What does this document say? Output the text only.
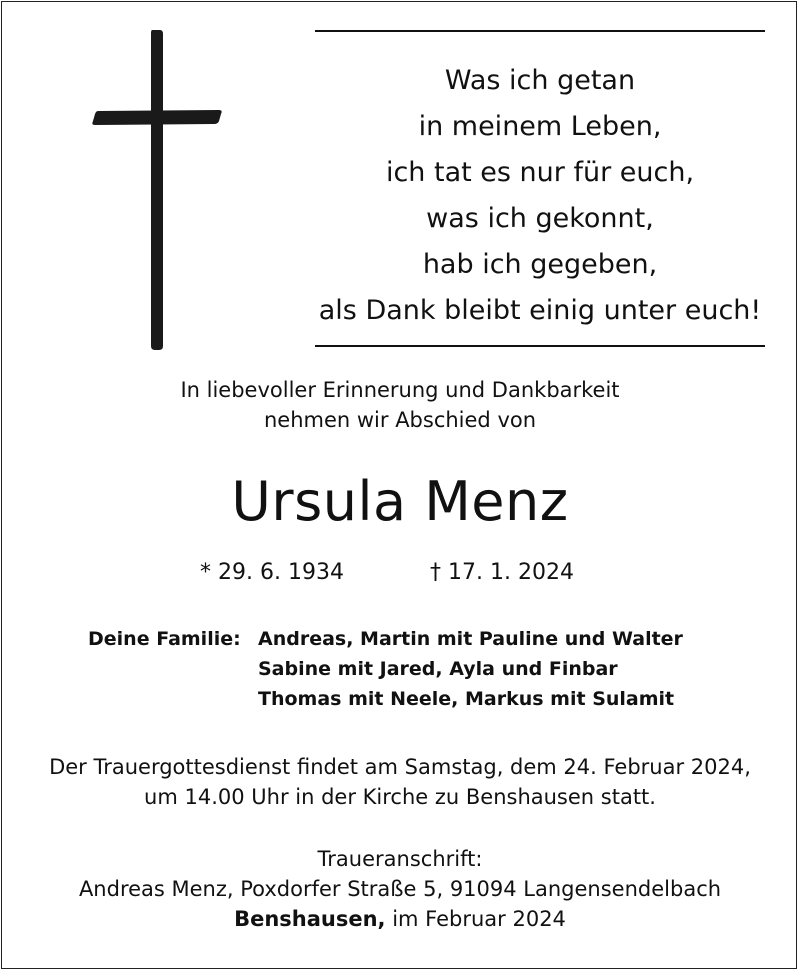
Was ich getan
in meinem Leben,
ich tat es nur für euch,
was ich gekonnt,
hab ich gegeben,
als Dank bleibt einig unter euch!
In liebevoller Erinnerung und Dankbarkeit
nehmen wir Abschied von
Ursula Menz
* 29. 6. 1934	† 17. 1. 2024
Deine Familie: Andreas, Martin mit Pauline und Walter
Sabine mit Jared, Ayla und Finbar
Thomas mit Neele, Markus mit Sulamit
Der Trauergottesdienst findet am Samstag, dem 24. Februar 2024,
um 14.00 Uhr in der Kirche zu Benshausen statt.
Traueranschrift:
Andreas Menz, Poxdorfer Straße 5, 91094 Langensendelbach
Benshausen, im Februar 2024
